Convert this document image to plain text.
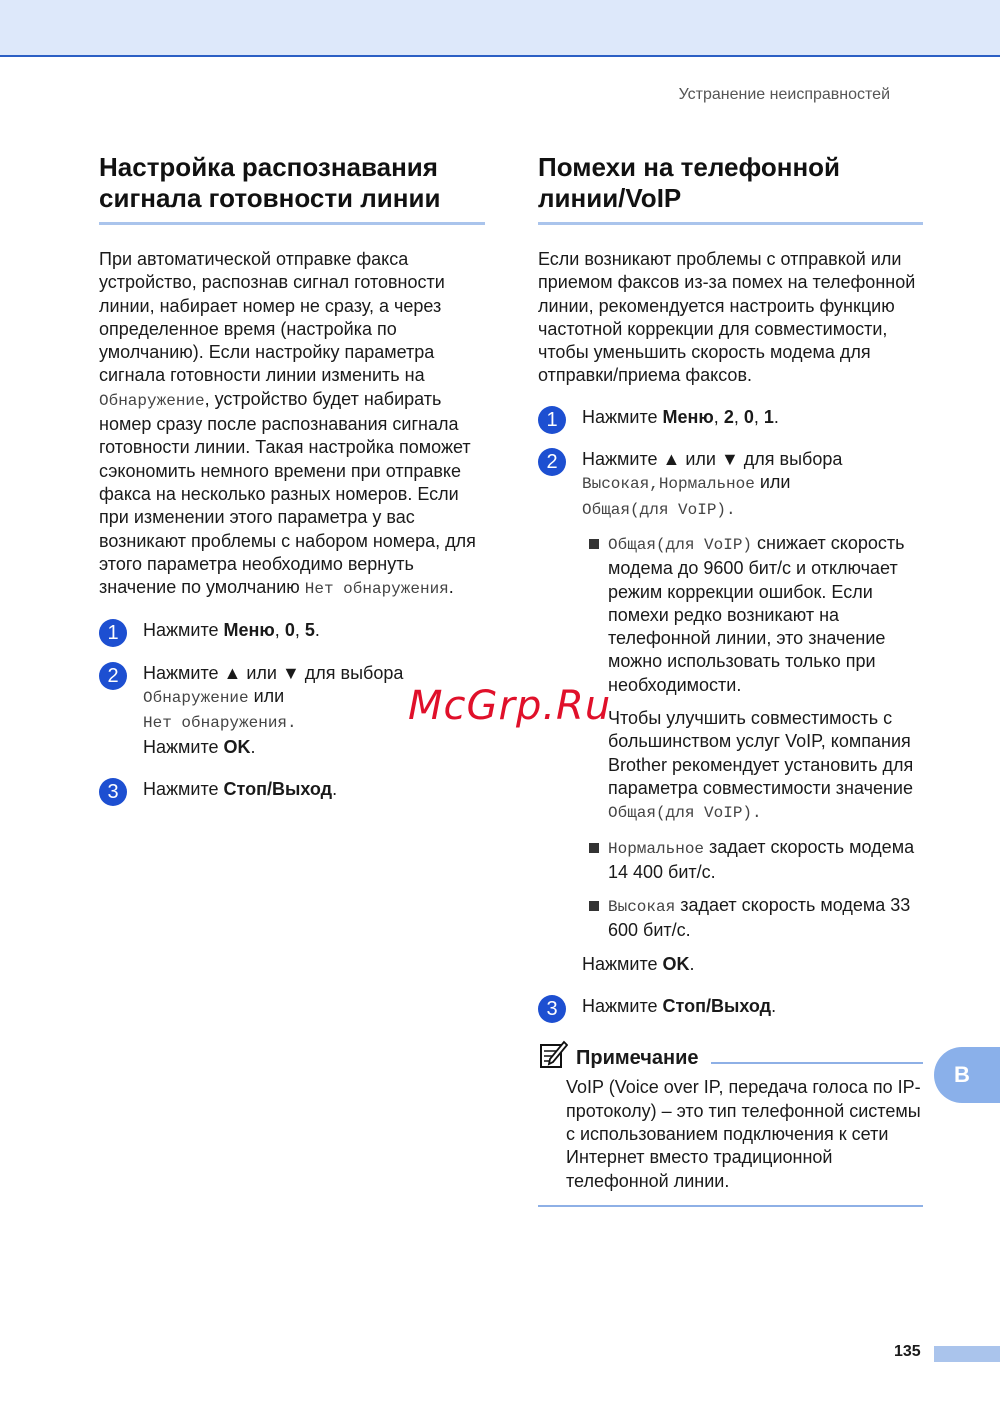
Устранение неисправностей
Настройка распознавания
сигнала готовности линии

При автоматической отправке факса устройство, распознав сигнал готовности линии, набирает номер не сразу, а через определенное время (настройка по умолчанию). Если настройку параметра сигнала готовности линии изменить на Обнаружение, устройство будет набирать номер сразу после распознавания сигнала готовности линии. Такая настройка поможет сэкономить немного времени при отправке факса на несколько разных номеров. Если при изменении этого параметра у вас возникают проблемы с набором номера, для этого параметра необходимо вернуть значение по умолчанию Нет обнаружения.

1	Нажмите Меню, 0, 5.
2	Нажмите ▲ или ▼ для выбора
Обнаружение или
Нет обнаружения.
Нажмите OK.
3	Нажмите Стоп/Выход.
Помехи на телефонной
линии/VoIP

Если возникают проблемы с отправкой или приемом факсов из-за помех на телефонной линии, рекомендуется настроить функцию частотной коррекции для совместимости, чтобы уменьшить скорость модема для отправки/приема факсов.

1	Нажмите Меню, 2, 0, 1.
2	Нажмите ▲ или ▼ для выбора
Высокая,Нормальное или
Общая(для VoIP).
Общая(для VoIP) снижает скорость модема до 9600 бит/с и отключает режим коррекции ошибок. Если помехи редко возникают на телефонной линии, это значение можно использовать только при необходимости.
Чтобы улучшить совместимость с большинством услуг VoIP, компания Brother рекомендует установить для параметра совместимости значение
Общая(для VoIP).
Нормальное задает скорость модема 14 400 бит/с.
Высокая задает скорость модема 33 600 бит/с.
Нажмите OK.
3	Нажмите Стоп/Выход.
Примечание
VoIP (Voice over IP, передача голоса по IP-протоколу) – это тип телефонной системы с использованием подключения к сети Интернет вместо традиционной телефонной линии.
B
135
McGrp.Ru
